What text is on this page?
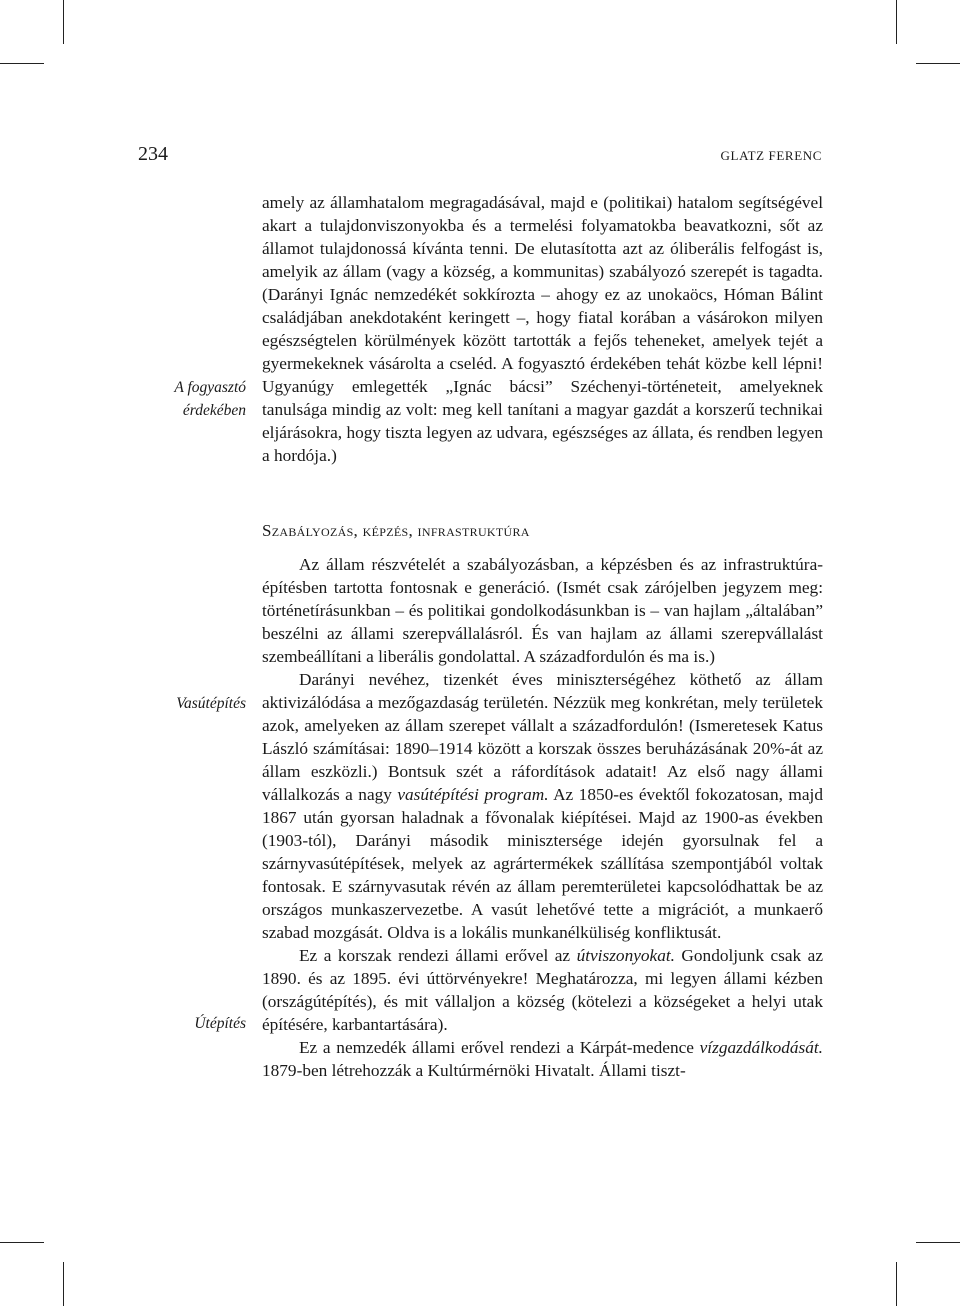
234	GLATZ FERENC
A fogyasztó
érdekében
Vasútépítés
Útépítés

amely az államhatalom megragadásával, majd e (politikai) hatalom segítségével akart a tulajdonviszonyokba és a termelési folyamatokba beavatkozni, sőt az államot tulajdonossá kívánta tenni. De elutasította azt az óliberális felfogást is, amelyik az állam (vagy a község, a kommunitas) szabályozó szerepét is tagadta. (Darányi Ignác nemzedékét sokkírozta – ahogy ez az unokaöcs, Hóman Bálint családjában anekdotaként keringett –, hogy fiatal korában a vásárokon milyen egészségtelen körülmények között tartották a fejős teheneket, amelyek tejét a gyermekeknek vásárolta a cseléd. A fogyasztó érdekében tehát közbe kell lépni! Ugyanúgy emlegették „Ignác bácsi” Széchenyi-történeteit, amelyeknek tanulsága mindig az volt: meg kell tanítani a magyar gazdát a korszerű technikai eljárásokra, hogy tiszta legyen az udvara, egészséges az állata, és rendben legyen a hordója.)

Szabályozás, képzés, infrastruktúra

Az állam részvételét a szabályozásban, a képzésben és az infrastruktúra-építésben tartotta fontosnak e generáció. (Ismét csak zárójelben jegyzem meg: történetírásunkban – és politikai gondolkodásunkban is – van hajlam „általában” beszélni az állami szerepvállalásról. És van hajlam az állami szerepvállalást szembeállítani a liberális gondolattal. A századfordulón és ma is.)

Darányi nevéhez, tizenkét éves miniszterségéhez köthető az állam aktivizálódása a mezőgazdaság területén. Nézzük meg konkrétan, mely területek azok, amelyeken az állam szerepet vállalt a századfordulón! (Ismeretesek Katus László számításai: 1890–1914 között a korszak összes beruházásának 20%-át az állam eszközli.) Bontsuk szét a ráfordítások adatait! Az első nagy állami vállalkozás a nagy vasútépítési program. Az 1850-es évektől fokozatosan, majd 1867 után gyorsan haladnak a fővonalak kiépítései. Majd az 1900-as években (1903-tól), Darányi második minisztersége idején gyorsulnak fel a szárnyvasútépítések, melyek az agrártermékek szállítása szempontjából voltak fontosak. E szárnyvasutak révén az állam peremterületei kapcsolódhattak be az országos munkaszervezetbe. A vasút lehetővé tette a migrációt, a munkaerő szabad mozgását. Oldva is a lokális munkanélküliség konfliktusát.

Ez a korszak rendezi állami erővel az útviszonyokat. Gondoljunk csak az 1890. és az 1895. évi úttörvényekre! Meghatározza, mi legyen állami kézben (országútépítés), és mit vállaljon a község (kötelezi a községeket a helyi utak építésére, karbantartására).

Ez a nemzedék állami erővel rendezi a Kárpát-medence vízgazdálkodását. 1879-ben létrehozzák a Kultúrmérnöki Hivatalt. Állami tiszt-
